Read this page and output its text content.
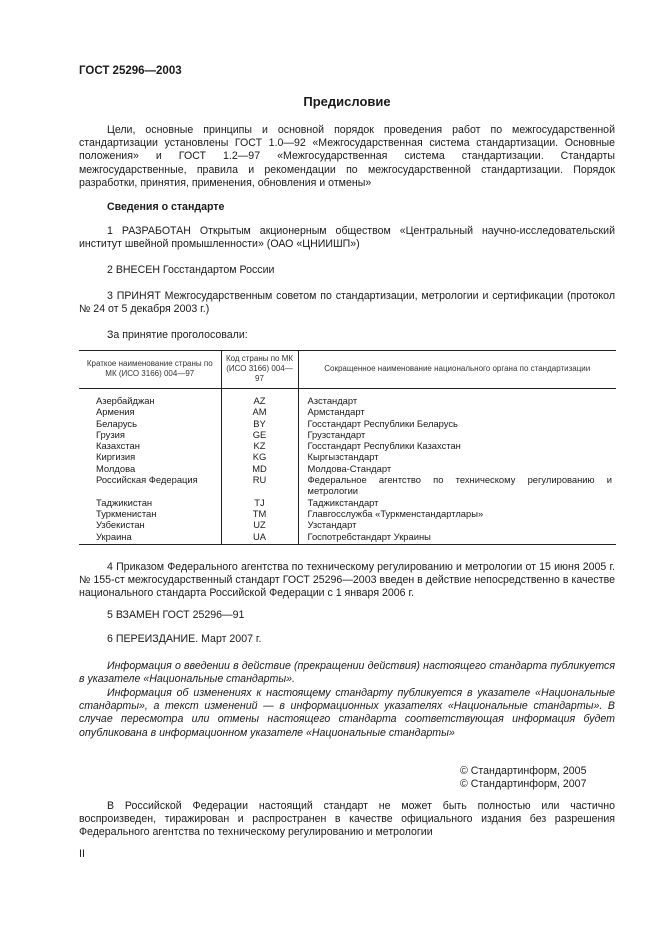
ГОСТ 25296—2003
Предисловие
Цели, основные принципы и основной порядок проведения работ по межгосударственной стандартизации установлены ГОСТ 1.0—92 «Межгосударственная система стандартизации. Основные положения» и ГОСТ 1.2—97 «Межгосударственная система стандартизации. Стандарты межгосударственные, правила и рекомендации по межгосударственной стандартизации. Порядок разработки, принятия, применения, обновления и отмены»
Сведения о стандарте
1 РАЗРАБОТАН Открытым акционерным обществом «Центральный научно-исследовательский институт швейной промышленности» (ОАО «ЦНИИШП»)
2 ВНЕСЕН Госстандартом России
3 ПРИНЯТ Межгосударственным советом по стандартизации, метрологии и сертификации (протокол № 24 от 5 декабря 2003 г.)
За принятие проголосовали:
Краткое наименование страны по МК (ИСО 3166) 004—97	Код страны по МК (ИСО 3166) 004—97	Сокращенное наименование национального органа по стандартизации
Азербайджан	AZ	Азстандарт
Армения	AM	Армстандарт
Беларусь	BY	Госстандарт Республики Беларусь
Грузия	GE	Грузстандарт
Казахстан	KZ	Госстандарт Республики Казахстан
Киргизия	KG	Кыргызстандарт
Молдова	MD	Молдова-Стандарт
Российская Федерация	RU	Федеральное агентство по техническому регулированию и метрологии
Таджикистан	TJ	Таджикстандарт
Туркменистан	TM	Главгосслужба «Туркменстандартлары»
Узбекистан	UZ	Узстандарт
Украина	UA	Госпотребстандарт Украины
4 Приказом Федерального агентства по техническому регулированию и метрологии от 15 июня 2005 г. № 155-ст межгосударственный стандарт ГОСТ 25296—2003 введен в действие непосредственно в качестве национального стандарта Российской Федерации с 1 января 2006 г.
5 ВЗАМЕН ГОСТ 25296—91
6 ПЕРЕИЗДАНИЕ. Март 2007 г.
Информация о введении в действие (прекращении действия) настоящего стандарта публикуется в указателе «Национальные стандарты».
Информация об изменениях к настоящему стандарту публикуется в указателе «Национальные стандарты», а текст изменений — в информационных указателях «Национальные стандарты». В случае пересмотра или отмены настоящего стандарта соответствующая информация будет опубликована в информационном указателе «Национальные стандарты»
© Стандартинформ, 2005
© Стандартинформ, 2007
В Российской Федерации настоящий стандарт не может быть полностью или частично воспроизведен, тиражирован и распространен в качестве официального издания без разрешения Федерального агентства по техническому регулированию и метрологии
II
